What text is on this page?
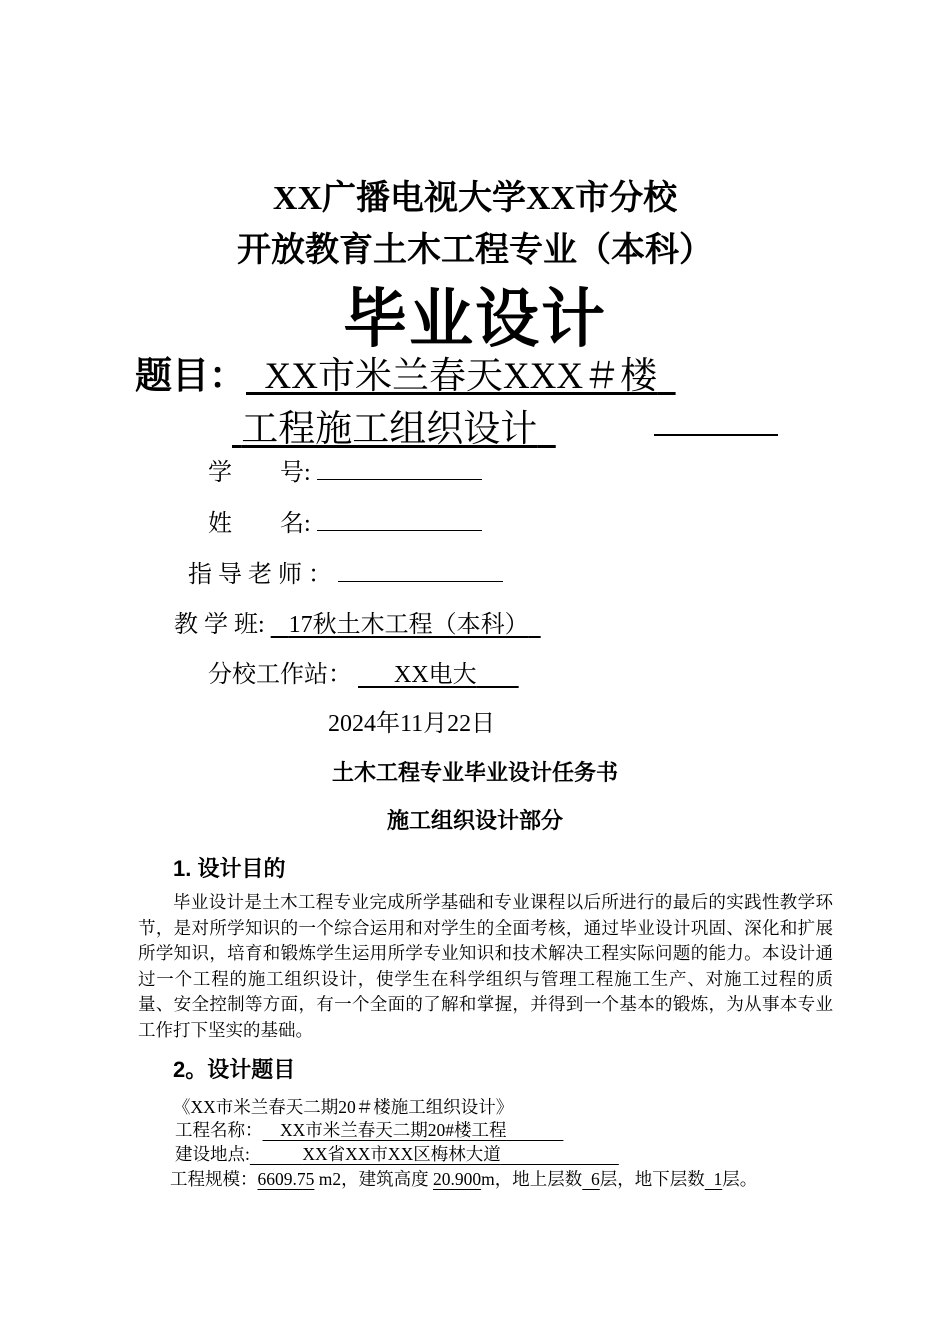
XX广播电视大学XX市分校
开放教育土木工程专业（本科）
毕业设计
题目： XX市米兰春天XXX＃楼
工程施工组织设计
学　　号:
姓　　名:
指 导 老 师 ：
教 学 班: 17秋土木工程（本科）
分校工作站： XX电大
2024年11月22日
土木工程专业毕业设计任务书
施工组织设计部分
1. 设计目的
毕业设计是土木工程专业完成所学基础和专业课程以后所进行的最后的实践性教学环节，是对所学知识的一个综合运用和对学生的全面考核，通过毕业设计巩固、深化和扩展所学知识，培育和锻炼学生运用所学专业知识和技术解决工程实际问题的能力。本设计通过一个工程的施工组织设计，使学生在科学组织与管理工程施工生产、对施工过程的质量、安全控制等方面，有一个全面的了解和掌握，并得到一个基本的锻炼，为从事本专业工作打下坚实的基础。
2。设计题目
《XX市米兰春天二期20＃楼施工组织设计》
工程名称： XX市米兰春天二期20#楼工程
建设地点:	XX省XX市XX区梅林大道
工程规模：6609.75 m2，建筑高度 20.900m，地上层数 6层，地下层数 1层。
